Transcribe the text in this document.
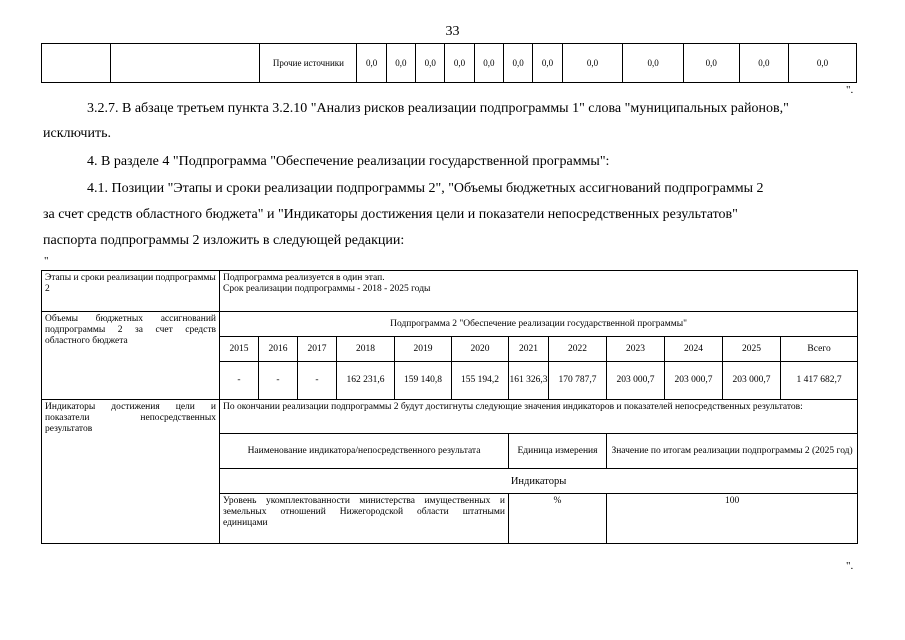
33
		Прочие источники	0,0	0,0	0,0	0,0	0,0	0,0	0,0	0,0	0,0	0,0	0,0	0,0
".
3.2.7. В абзаце третьем пункта 3.2.10 "Анализ рисков реализации подпрограммы 1" слова "муниципальных районов,"
исключить.
4. В разделе 4 "Подпрограмма "Обеспечение реализации государственной программы":
4.1. Позиции "Этапы и сроки реализации подпрограммы 2", "Объемы бюджетных ассигнований подпрограммы 2
за счет средств областного бюджета" и "Индикаторы достижения цели и показатели непосредственных результатов"
паспорта подпрограммы 2 изложить в следующей редакции:
"
Этапы и сроки реализации подпрограммы 2	Подпрограмма реализуется в один этап.
Срок реализации подпрограммы - 2018 - 2025 годы											

Объемы бюджетных ассигнований подпрограммы 2 за счет средств областного бюджета	Подпрограмма 2 "Обеспечение реализации государственной программы"											
	2015	2016	2017	2018	2019	2020	2021	2022	2023	2024	2025	Всего
	-	-	-	162 231,6	159 140,8	155 194,2	161 326,3	170 787,7	203 000,7	203 000,7	203 000,7	1 417 682,7
Индикаторы достижения цели и показатели непосредственных результатов	По окончании реализации подпрограммы 2 будут достигнуты следующие значения индикаторов и показателей непосредственных результатов:											
	Наименование индикатора/непосредственного результата						Единица измерения		Значение по итогам реализации подпрограммы 2 (2025 год)			
	Индикаторы											
	Уровень укомплектованности министерства имущественных и земельных отношений Нижегородской области штатными единицами						%		100			
".
